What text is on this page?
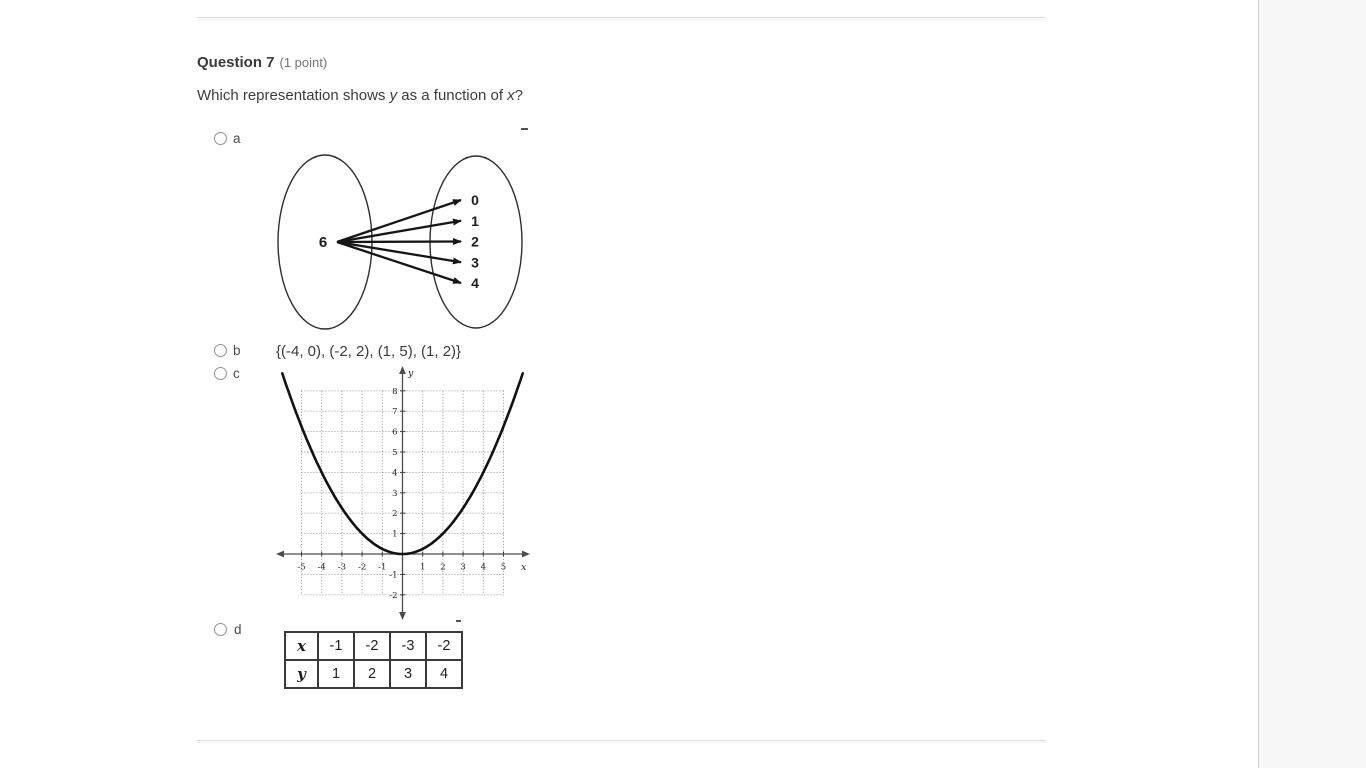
Question 7 (1 point)
Which representation shows y as a function of x?
a
6
0
1
2
3
4
b {(-4, 0), (-2, 2), (1, 5), (1, 2)}
c
-5 -4 -3 -2 -1	1 2 3 4 5
-2
-1
1
2
3
4
5
6
7
8
y
x
d
x	-1	-2	-3	-2
y	1	2	3	4
